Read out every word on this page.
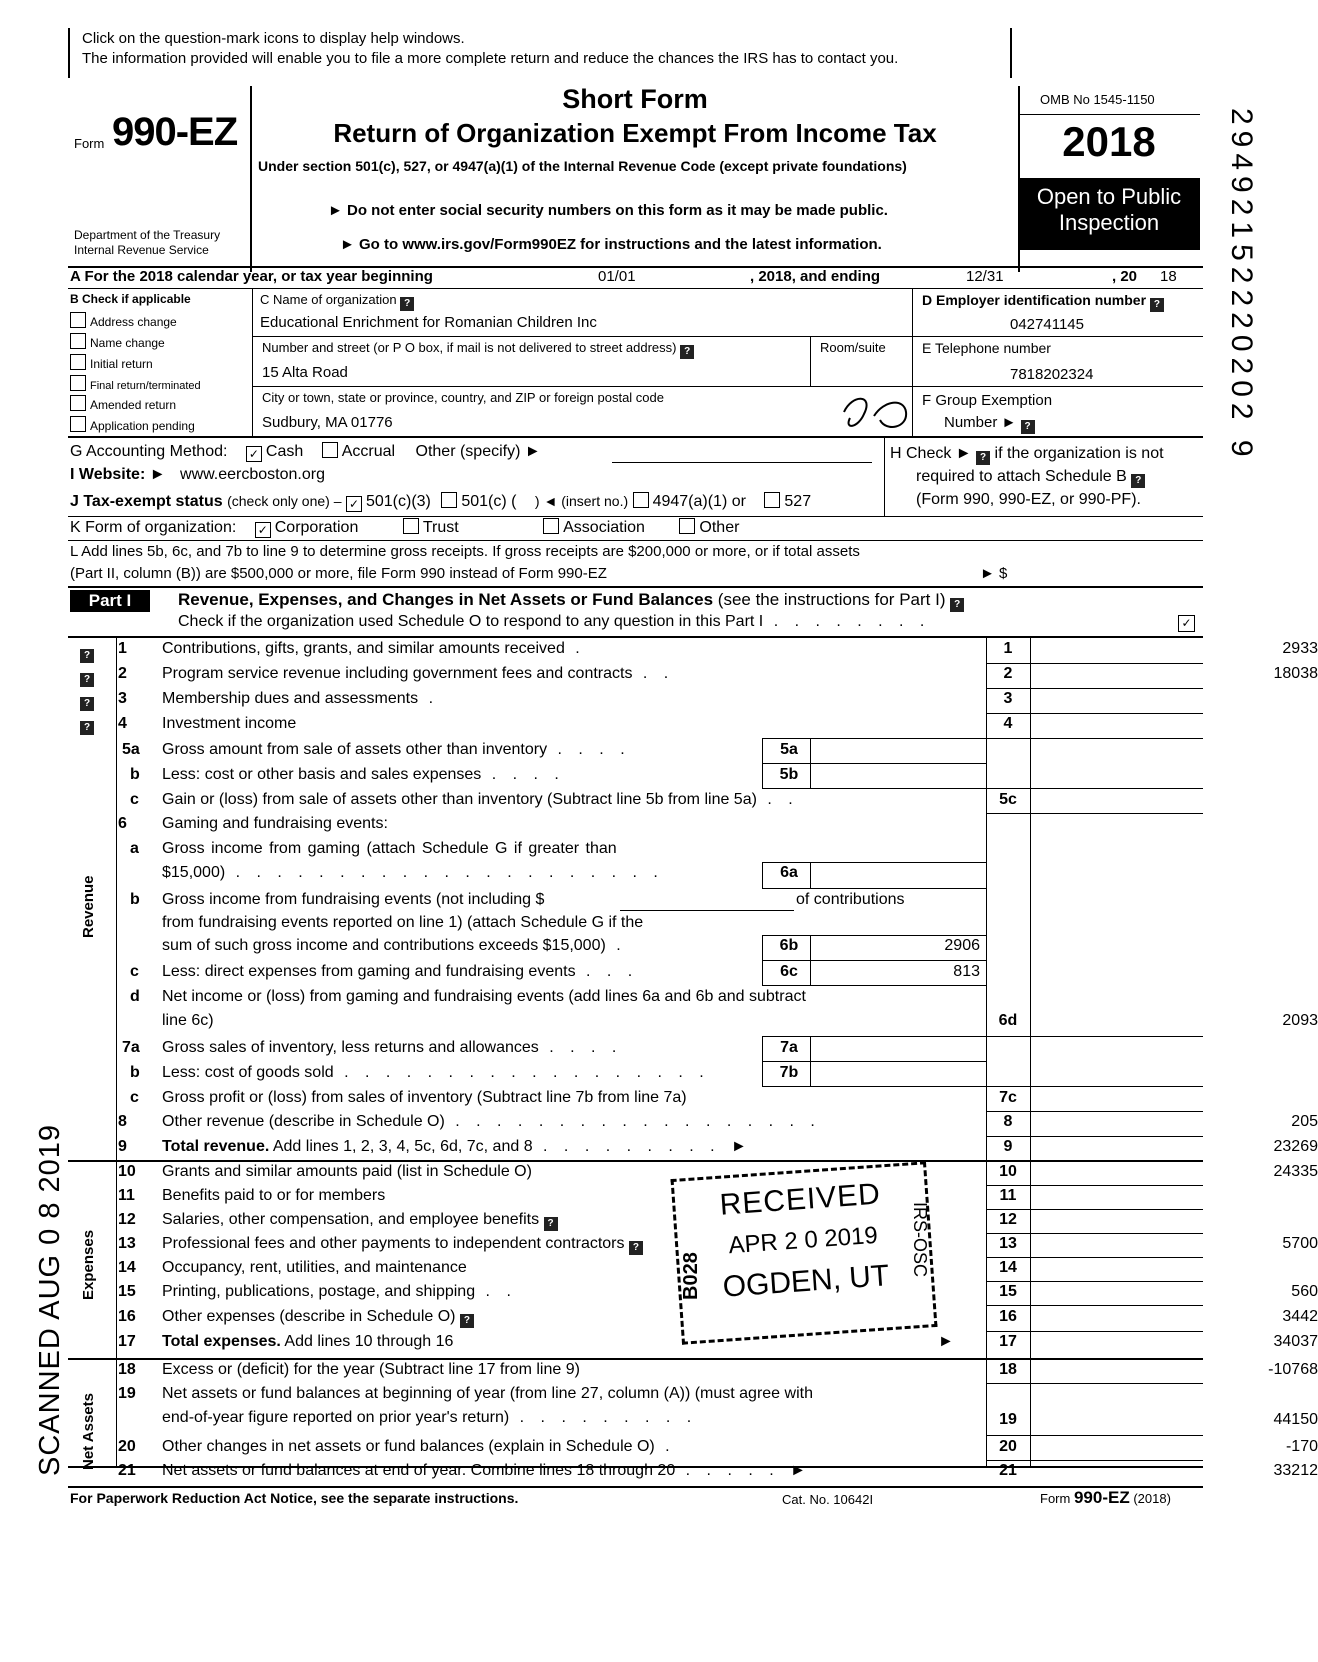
Click on the question-mark icons to display help windows.
The information provided will enable you to file a more complete return and reduce the chances the IRS has to contact you.
Form 990-EZ
Department of the Treasury
Internal Revenue Service
Short Form
Return of Organization Exempt From Income Tax
Under section 501(c), 527, or 4947(a)(1) of the Internal Revenue Code (except private foundations)
► Do not enter social security numbers on this form as it may be made public.
► Go to www.irs.gov/Form990EZ for instructions and the latest information.
OMB No 1545-1150
2018
Open to Public
Inspection	29492152220202 9
A For the 2018 calendar year, or tax year beginning	01/01	, 2018, and ending	12/31	, 20 18
B Check if applicable
Address change
Name change
Initial return
Final return/terminated
Amended return
Application pending
C Name of organization ?
Educational Enrichment for Romanian Children Inc
Number and street (or P O box, if mail is not delivered to street address) ?	Room/suite
15 Alta Road
City or town, state or province, country, and ZIP or foreign postal code
Sudbury, MA 01776
D Employer identification number ?
042741145
E Telephone number
7818202324
F Group Exemption
Number ► ?
G Accounting Method: ✓ Cash Accrual Other (specify) ►	H Check ► ? if the organization is not
required to attach Schedule B ?
(Form 990, 990-EZ, or 990-PF).
I Website: ► www.eercboston.org
J Tax-exempt status (check only one) – ✓ 501(c)(3) 501(c) ( ) ◄ (insert no.) 4947(a)(1) or 527
K Form of organization: ✓ Corporation	Trust	Association	Other
L Add lines 5b, 6c, and 7b to line 9 to determine gross receipts. If gross receipts are $200,000 or more, or if total assets
(Part II, column (B)) are $500,000 or more, file Form 990 instead of Form 990-EZ	► $
Part I	Revenue, Expenses, and Changes in Net Assets or Fund Balances (see the instructions for Part I) ?
Check if the organization used Schedule O to respond to any question in this Part I . . . . . . . .	✓
?
?
?
?
Revenue
Expenses
Net Assets
SCANNED AUG 0 8 2019
1	Contributions, gifts, grants, and similar amounts received .	1	2933
2	Program service revenue including government fees and contracts . .	2	18038
3	Membership dues and assessments .	3
4	Investment income	4
5a	Gross amount from sale of assets other than inventory . . . .	5a
b	Less: cost or other basis and sales expenses . . . .	5b
c	Gain or (loss) from sale of assets other than inventory (Subtract line 5b from line 5a) . .	5c
6	Gaming and fundraising events:
a	Gross income from gaming (attach Schedule G if greater than
$15,000) . . . . . . . . . . . . . . . . . . . . .	6a
b	Gross income from fundraising events (not including $	of contributions
from fundraising events reported on line 1) (attach Schedule G if the
sum of such gross income and contributions exceeds $15,000) .	6b	2906
c	Less: direct expenses from gaming and fundraising events . . .	6c	813
d	Net income or (loss) from gaming and fundraising events (add lines 6a and 6b and subtract
line 6c)	6d	2093
7a	Gross sales of inventory, less returns and allowances . . . .	7a
b	Less: cost of goods sold . . . . . . . . . . . . . . . . . .	7b
c	Gross profit or (loss) from sales of inventory (Subtract line 7b from line 7a)	7c
8	Other revenue (describe in Schedule O) . . . . . . . . . . . . . . . . . .	8	205
9	Total revenue. Add lines 1, 2, 3, 4, 5c, 6d, 7c, and 8 . . . . . . . . . ►	9	23269
10	Grants and similar amounts paid (list in Schedule O)	10	24335
11	Benefits paid to or for members	11
12	Salaries, other compensation, and employee benefits ?	12
13	Professional fees and other payments to independent contractors ?	13	5700
14	Occupancy, rent, utilities, and maintenance	14
15	Printing, publications, postage, and shipping . .	15	560
16	Other expenses (describe in Schedule O) ?	16	3442
17	Total expenses. Add lines 10 through 16	►	17	34037
18	Excess or (deficit) for the year (Subtract line 17 from line 9)	18	-10768
19	Net assets or fund balances at beginning of year (from line 27, column (A)) (must agree with
end-of-year figure reported on prior year's return) . . . . . . . . .	19	44150
20	Other changes in net assets or fund balances (explain in Schedule O) .	20	-170
21	Net assets or fund balances at end of year. Combine lines 18 through 20 . . . . . ►	21	33212
RECEIVED
APR 2 0 2019
OGDEN, UT
B028	IRS-OSC
For Paperwork Reduction Act Notice, see the separate instructions.	Cat. No. 10642I	Form 990-EZ (2018)
